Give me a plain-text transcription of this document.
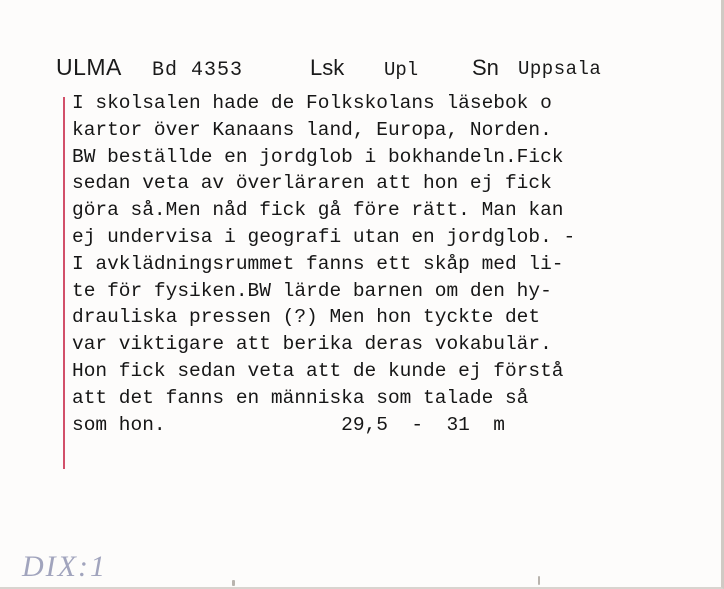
ULMA Bd 4353	Lsk Upl Sn Uppsala
I skolsalen hade de Folkskolans läsebok o
kartor över Kanaans land, Europa, Norden.
BW beställde en jordglob i bokhandeln.Fick
sedan veta av överläraren att hon ej fick
göra så.Men nåd fick gå före rätt. Man kan
ej undervisa i geografi utan en jordglob. -
I avklädningsrummet fanns ett skåp med li-
te för fysiken.BW lärde barnen om den hy-
drauliska pressen (?) Men hon tyckte det
var viktigare att berika deras vokabulär.
Hon fick sedan veta att de kunde ej förstå
att det fanns en människa som talade så
som hon.               29,5  -  31  m
DIX:1
